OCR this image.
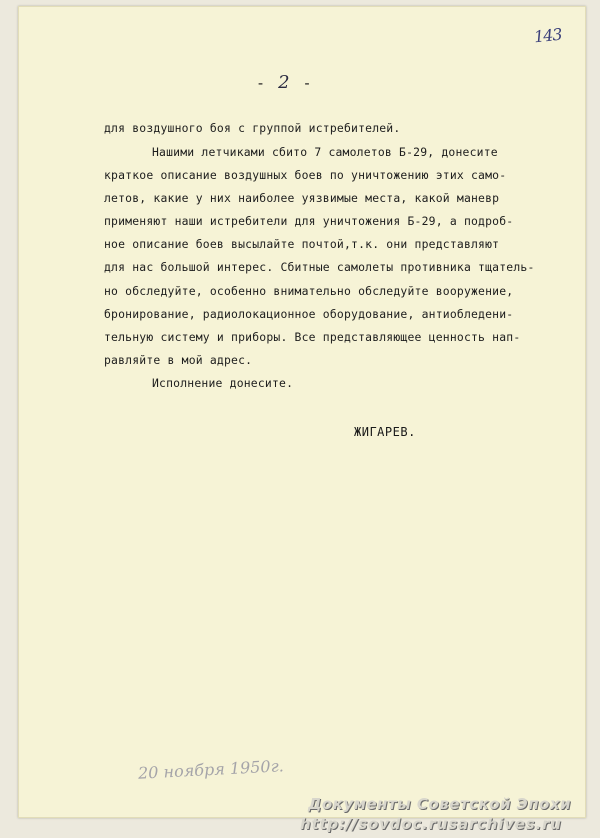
143
- 2 -
для воздушного боя с группой истребителей.
Нашими летчиками сбито 7 самолетов Б-29, донесите
краткое описание воздушных боев по уничтожению этих само-
летов, какие у них наиболее уязвимые места, какой маневр
применяют наши истребители для уничтожения Б-29, а подроб-
ное описание боев высылайте почтой,т.к. они представляют
для нас большой интерес. Сбитные самолеты противника тщатель-
но обследуйте, особенно внимательно обследуйте вооружение,
бронирование, радиолокационное оборудование, антиобледени-
тельную систему и приборы. Все представляющее ценность нап-
равляйте в мой адрес.
Исполнение донесите.
ЖИГАРЕВ.
20 ноября 1950г.
Документы Советской Эпохи
http://sovdoc.rusarchives.ru
